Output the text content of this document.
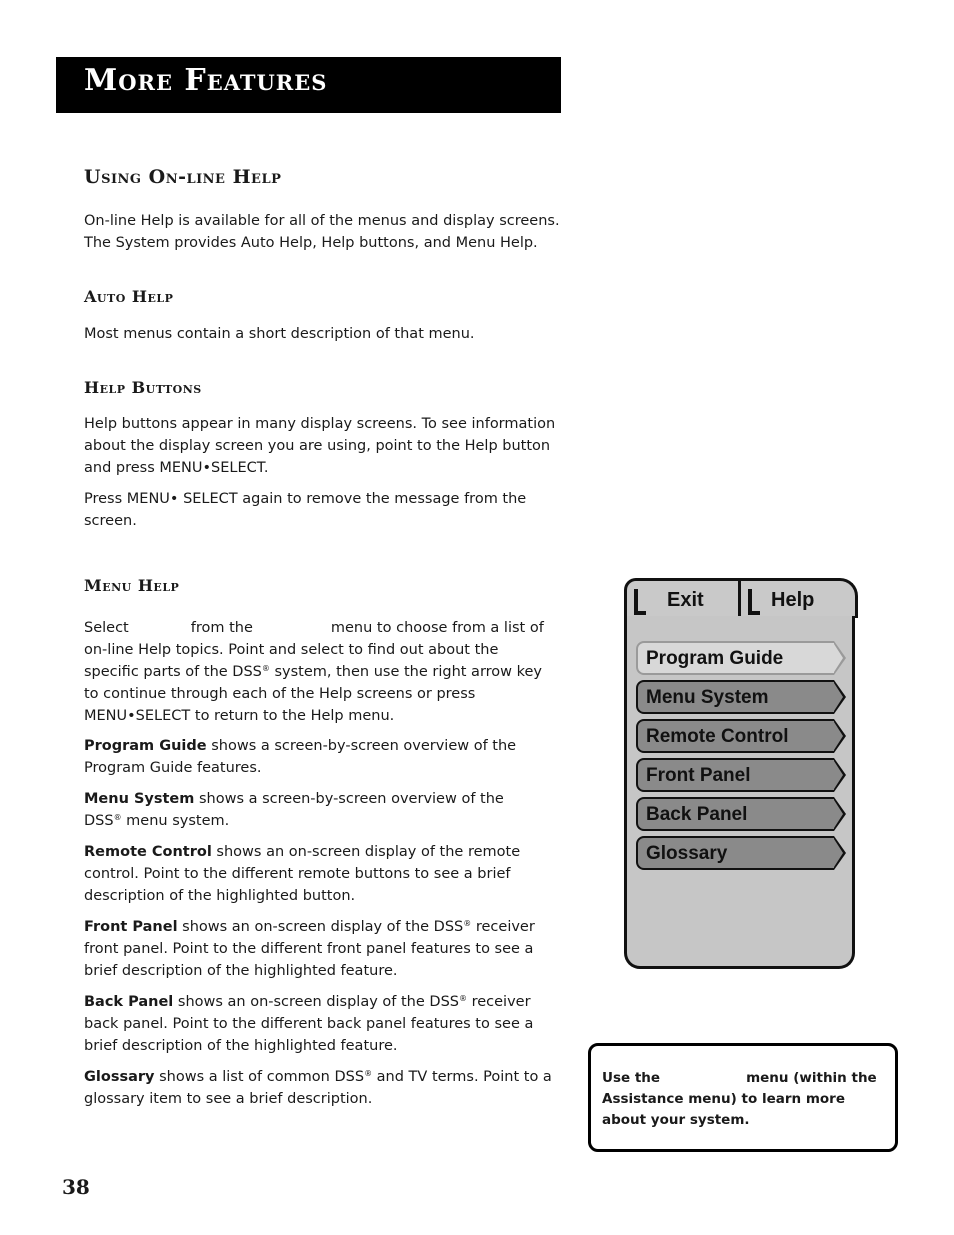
More Features
Using On-line Help
On-line Help is available for all of the menus and display screens. The System provides Auto Help, Help buttons, and Menu Help.
Auto Help
Most menus contain a short description of that menu.
Help Buttons
Help buttons appear in many display screens. To see information about the display screen you are using, point to the Help button and press MENU•SELECT.
Press MENU• SELECT again to remove the message from the screen.
Menu Help
Select	from the	menu to choose from a list of on-line Help topics. Point and select to find out about the specific parts of the DSS® system, then use the right arrow key to continue through each of the Help screens or press MENU•SELECT to return to the Help menu.
Program Guide shows a screen-by-screen overview of the Program Guide features.
Menu System shows a screen-by-screen overview of the DSS® menu system.
Remote Control shows an on-screen display of the remote control. Point to the different remote buttons to see a brief description of the highlighted button.
Front Panel shows an on-screen display of the DSS® receiver front panel. Point to the different front panel features to see a brief description of the highlighted feature.
Back Panel shows an on-screen display of the DSS® receiver back panel. Point to the different back panel features to see a brief description of the highlighted feature.
Glossary shows a list of common DSS® and TV terms. Point to a glossary item to see a brief description.
Exit	Help
Program Guide
Menu System
Remote Control
Front Panel
Back Panel
Glossary
Use the	menu (within the Assistance menu) to learn more about your system.
38
